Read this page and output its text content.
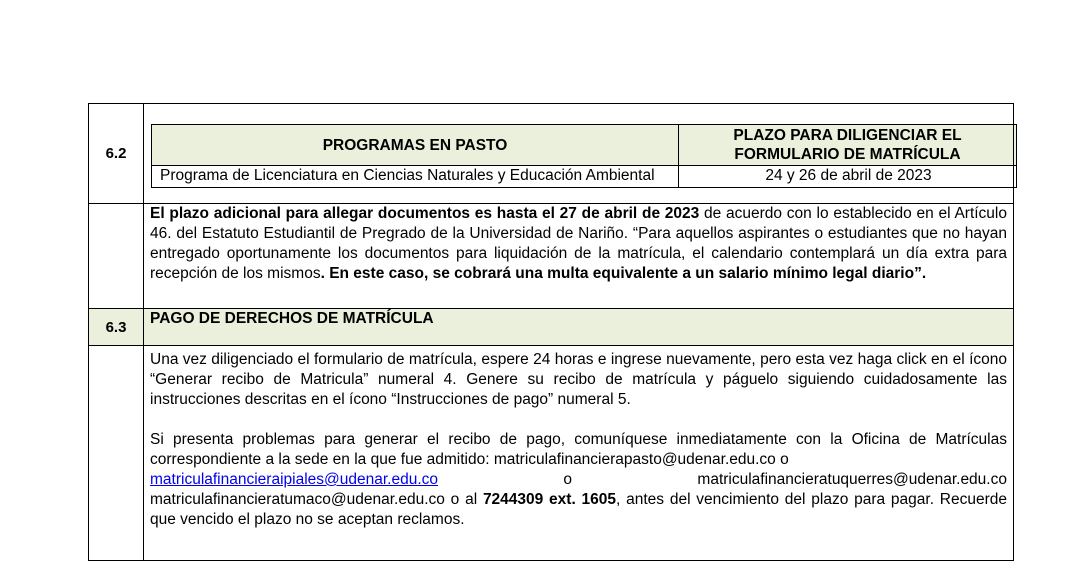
6.2		PROGRAMAS EN PASTO	PLAZO PARA DILIGENCIAR EL FORMULARIO DE MATRÍCULA
Programa de Licenciatura en Ciencias Naturales y Educación Ambiental	24 y 26 de abril de 2023

	El plazo adicional para allegar documentos es hasta el 27 de abril de 2023 de acuerdo con lo establecido en el Artículo 46. del Estatuto Estudiantil de Pregrado de la Universidad de Nariño. “Para aquellos aspirantes o estudiantes que no hayan entregado oportunamente los documentos para liquidación de la matrícula, el calendario contemplará un día extra para recepción de los mismos. En este caso, se cobrará una multa equivalente a un salario mínimo legal diario”.
6.3	PAGO DE DERECHOS DE MATRÍCULA

Una vez diligenciado el formulario de matrícula, espere 24 horas e ingrese nuevamente, pero esta vez haga click en el ícono “Generar recibo de Matricula” numeral 4. Genere su recibo de matrícula y páguelo siguiendo cuidadosamente las instrucciones descritas en el ícono “Instrucciones de pago” numeral 5.
Si presenta problemas para generar el recibo de pago, comuníquese inmediatamente con la Oficina de Matrículas correspondiente a la sede en la que fue admitido: matriculafinancierapasto@udenar.edu.co o
matriculafinancieraipiales@udenar.edu.co	o	matriculafinancieratuquerres@udenar.edu.co
matriculafinancieratumaco@udenar.edu.co o al 7244309 ext. 1605, antes del vencimiento del plazo para pagar. Recuerde que vencido el plazo no se aceptan reclamos.
